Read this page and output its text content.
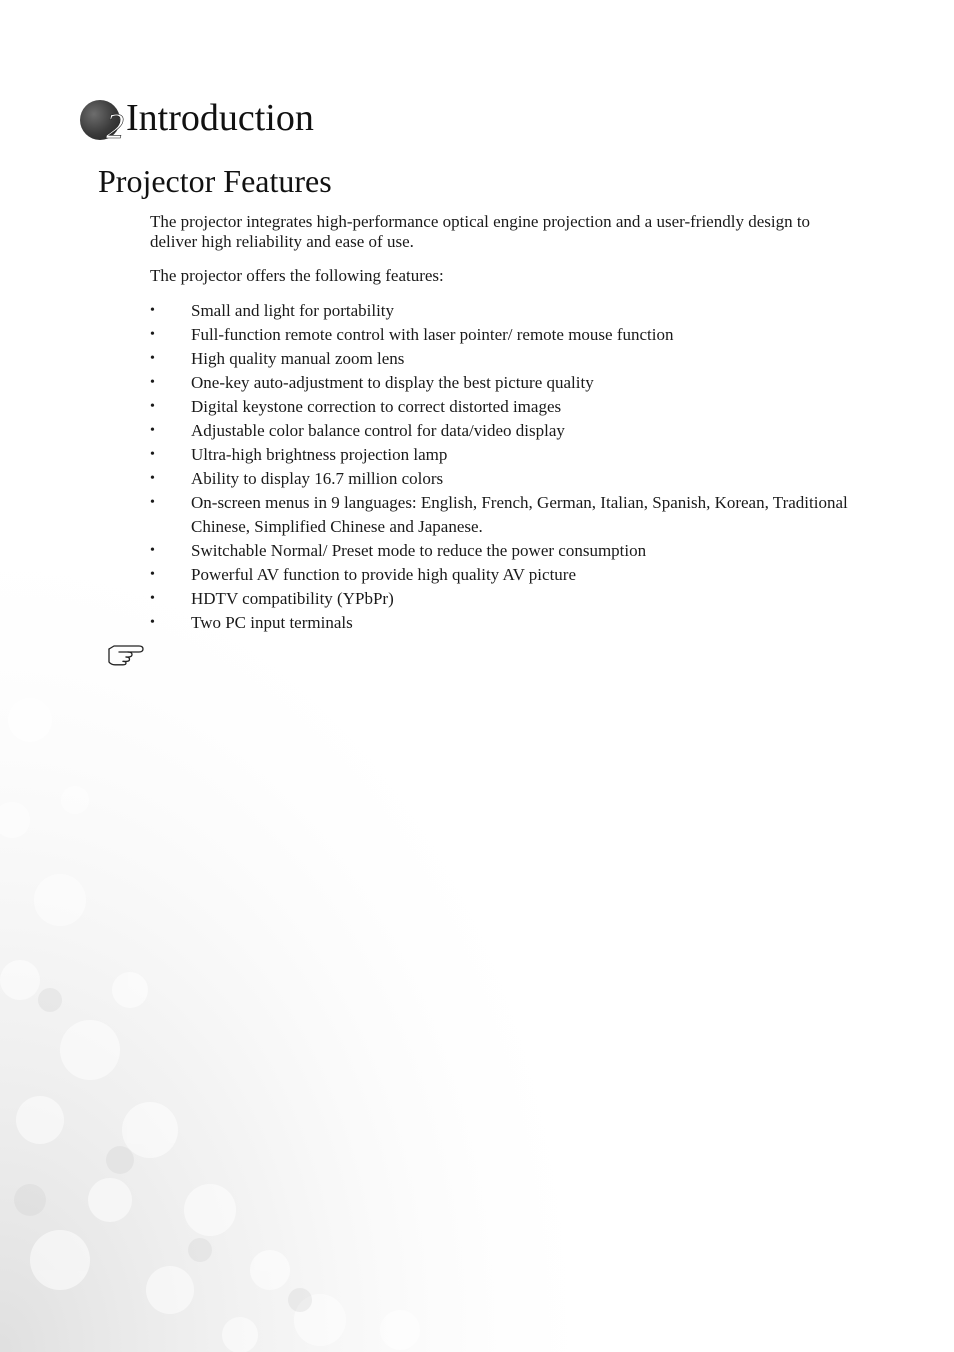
2 Introduction
Projector Features

The projector integrates high-performance optical engine projection and a user-friendly design to deliver high reliability and ease of use.

The projector offers the following features:

• Small and light for portability
• Full-function remote control with laser pointer/ remote mouse function
• High quality manual zoom lens
• One-key auto-adjustment to display the best picture quality
• Digital keystone correction to correct distorted images
• Adjustable color balance control for data/video display
• Ultra-high brightness projection lamp
• Ability to display 16.7 million colors
• On-screen menus in 9 languages: English, French, German, Italian, Spanish, Korean, Traditional Chinese, Simplified Chinese and Japanese.
• Switchable Normal/ Preset mode to reduce the power consumption
• Powerful AV function to provide high quality AV picture
• HDTV compatibility (YPbPr)
• Two PC input terminals
